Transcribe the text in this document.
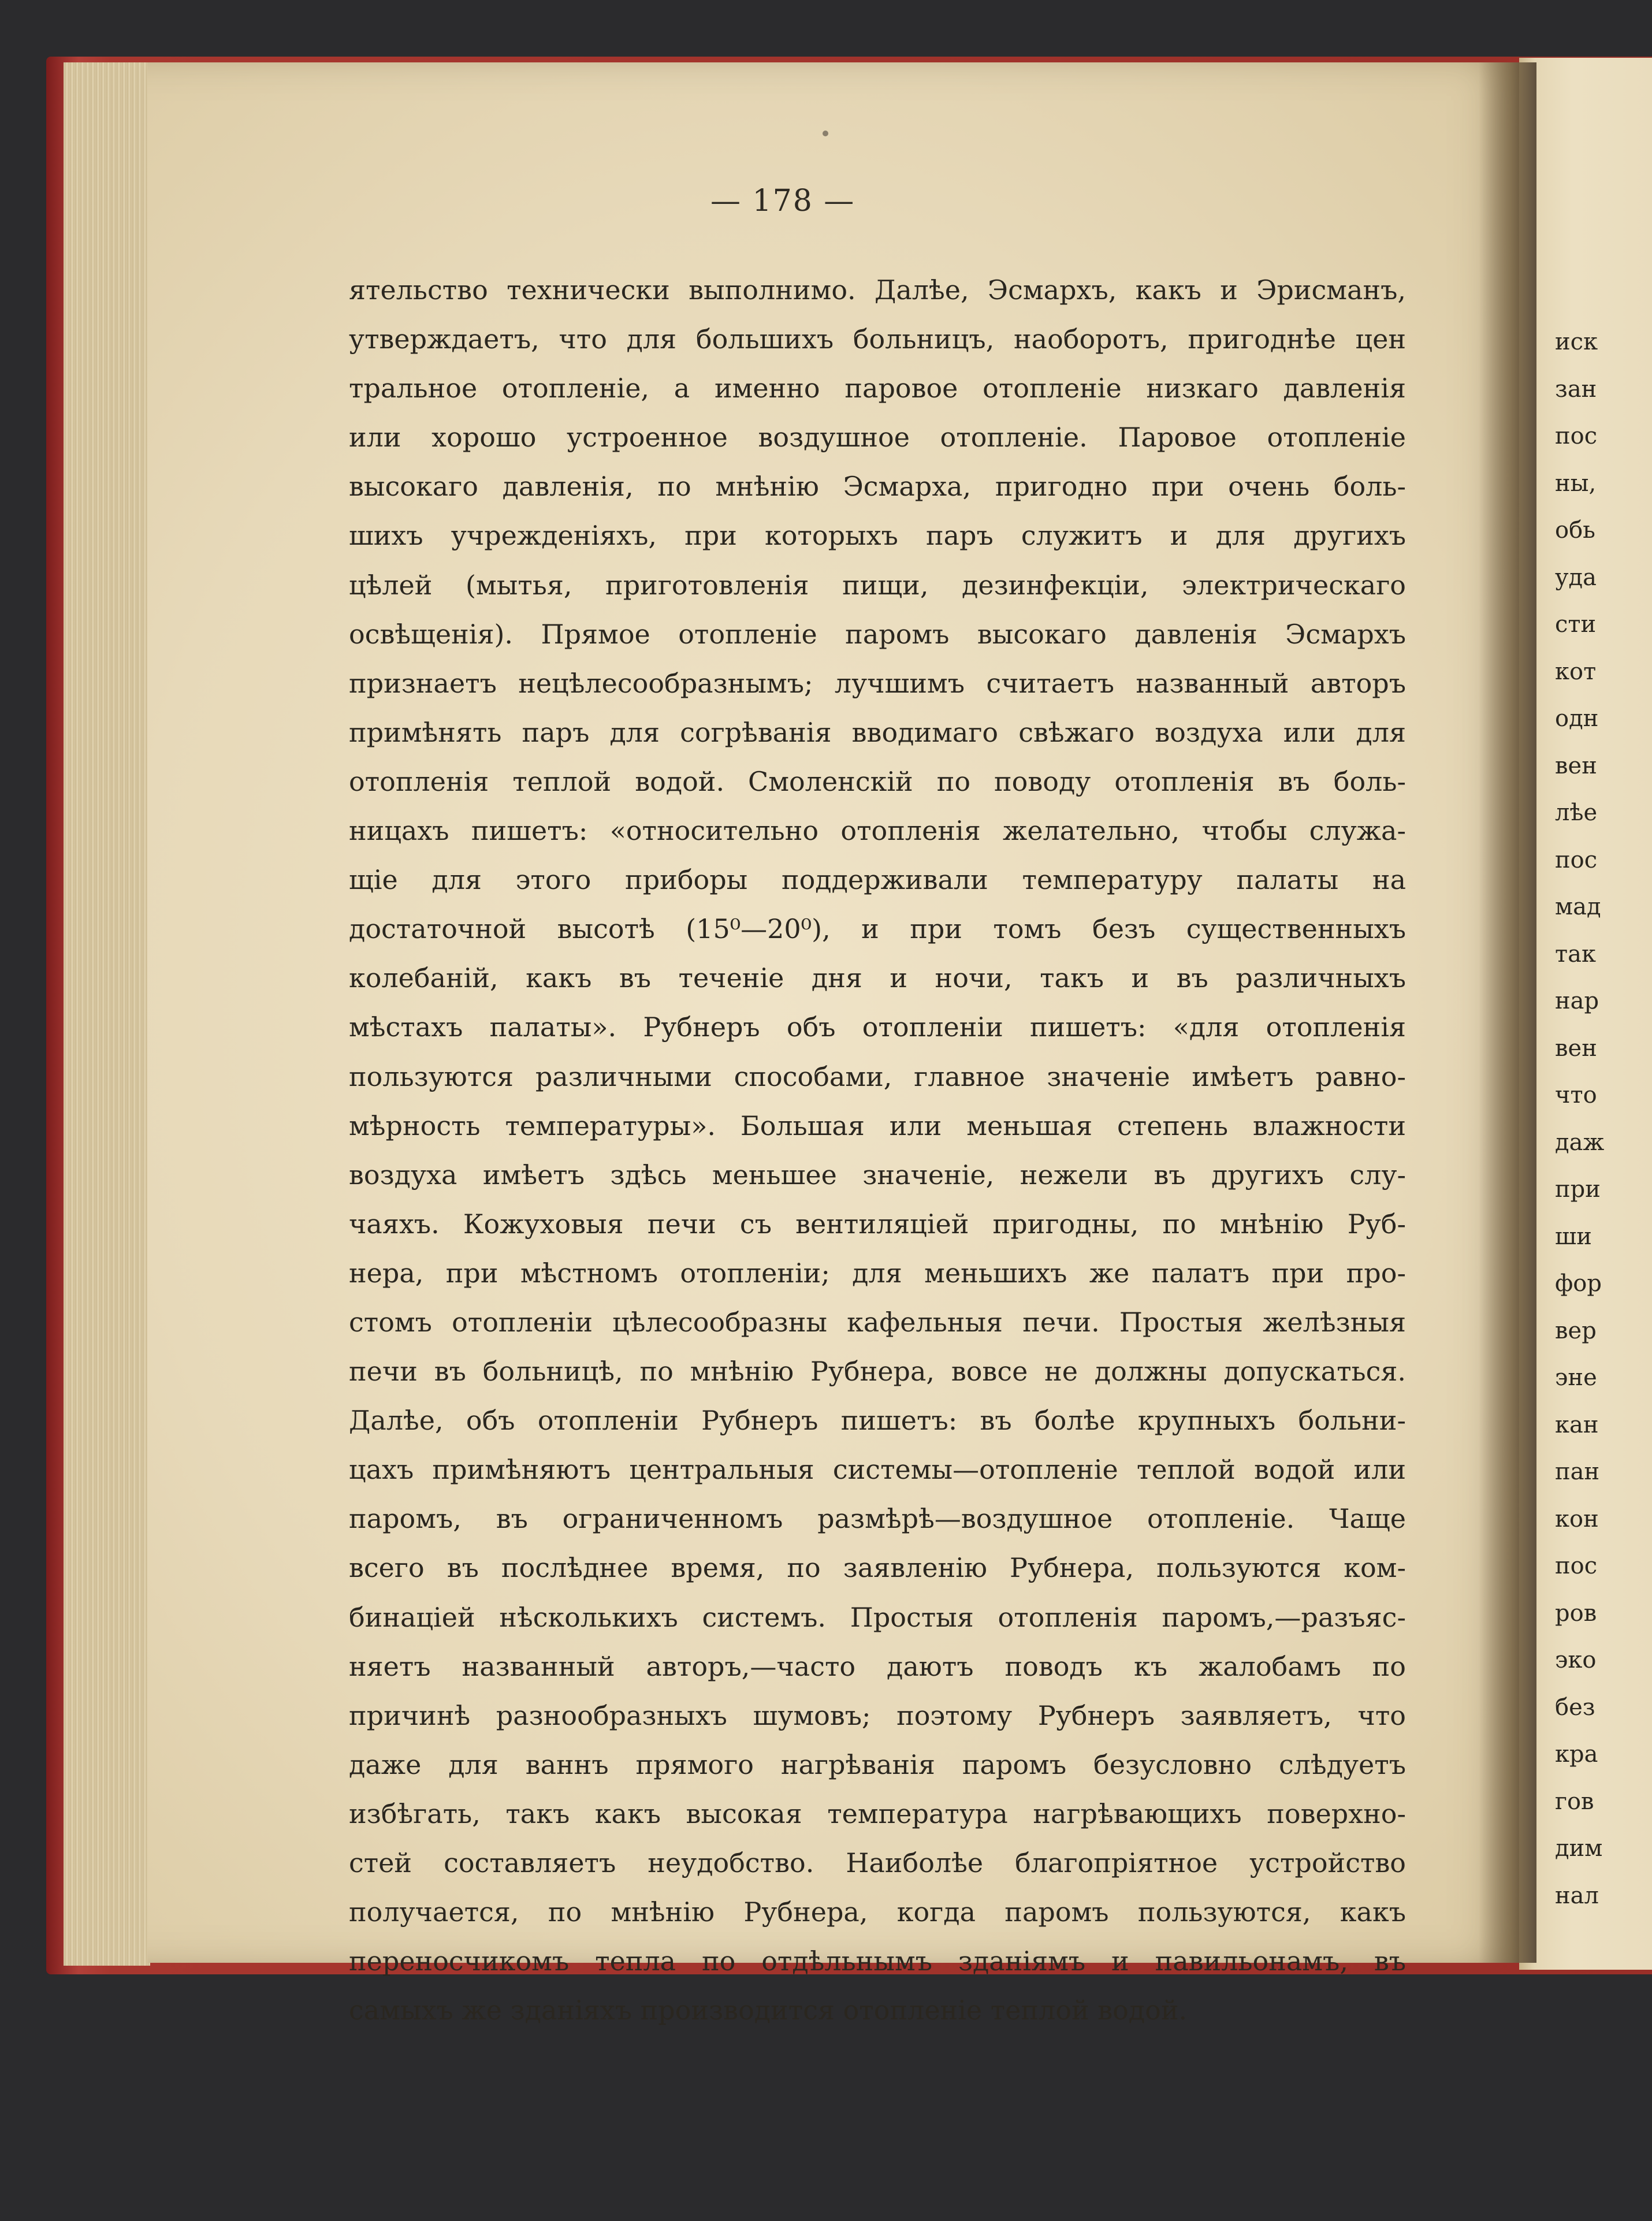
— 178 —
ятельство технически выполнимо. Далѣе, Эсмархъ, какъ и Эрисманъ,
утверждаетъ, что для большихъ больницъ, наоборотъ, пригоднѣе цен
тральное отопленіе, а именно паровое отопленіе низкаго давленія
или хорошо устроенное воздушное отопленіе. Паровое отопленіе
высокаго давленія, по мнѣнію Эсмарха, пригодно при очень боль-
шихъ учрежденіяхъ, при которыхъ паръ служитъ и для другихъ
цѣлей (мытья, приготовленія пищи, дезинфекціи, электрическаго
освѣщенія). Прямое отопленіе паромъ высокаго давленія Эсмархъ
признаетъ нецѣлесообразнымъ; лучшимъ считаетъ названный авторъ
примѣнять паръ для согрѣванія вводимаго свѣжаго воздуха или для
отопленія теплой водой. Смоленскій по поводу отопленія въ боль-
ницахъ пишетъ: «относительно отопленія желательно, чтобы служа-
щіе для этого приборы поддерживали температуру палаты на
достаточной высотѣ (15⁰—20⁰), и при томъ безъ существенныхъ
колебаній, какъ въ теченіе дня и ночи, такъ и въ различныхъ
мѣстахъ палаты». Рубнеръ объ отопленіи пишетъ: «для отопленія
пользуются различными способами, главное значеніе имѣетъ равно-
мѣрность температуры». Большая или меньшая степень влажности
воздуха имѣетъ здѣсь меньшее значеніе, нежели въ другихъ слу-
чаяхъ. Кожуховыя печи съ вентиляціей пригодны, по мнѣнію Руб-
нера, при мѣстномъ отопленіи; для меньшихъ же палатъ при про-
стомъ отопленіи цѣлесообразны кафельныя печи. Простыя желѣзныя
печи въ больницѣ, по мнѣнію Рубнера, вовсе не должны допускаться.
Далѣе, объ отопленіи Рубнеръ пишетъ: въ болѣе крупныхъ больни-
цахъ примѣняютъ центральныя системы—отопленіе теплой водой или
паромъ, въ ограниченномъ размѣрѣ—воздушное отопленіе. Чаще
всего въ послѣднее время, по заявленію Рубнера, пользуются ком-
бинаціей нѣсколькихъ системъ. Простыя отопленія паромъ,—разъяс-
няетъ названный авторъ,—часто даютъ поводъ къ жалобамъ по
причинѣ разнообразныхъ шумовъ; поэтому Рубнеръ заявляетъ, что
даже для ваннъ прямого нагрѣванія паромъ безусловно слѣдуетъ
избѣгать, такъ какъ высокая температура нагрѣвающихъ поверхно-
стей составляетъ неудобство. Наиболѣе благопріятное устройство
получается, по мнѣнію Рубнера, когда паромъ пользуются, какъ
переносчикомъ тепла по отдѣльнымъ зданіямъ и павильонамъ, въ
самыхъ же зданіяхъ производится отопленіе теплой водой.
иск
зан
пос
ны,
обь
уда
сти
кот
одн
вен
лѣе
пос
мад
так
нар
вен
что
даж
при
ши
фор
вер
эне
кан
пан
кон
пос
ров
эко
без
кра
гов
дим
нал
